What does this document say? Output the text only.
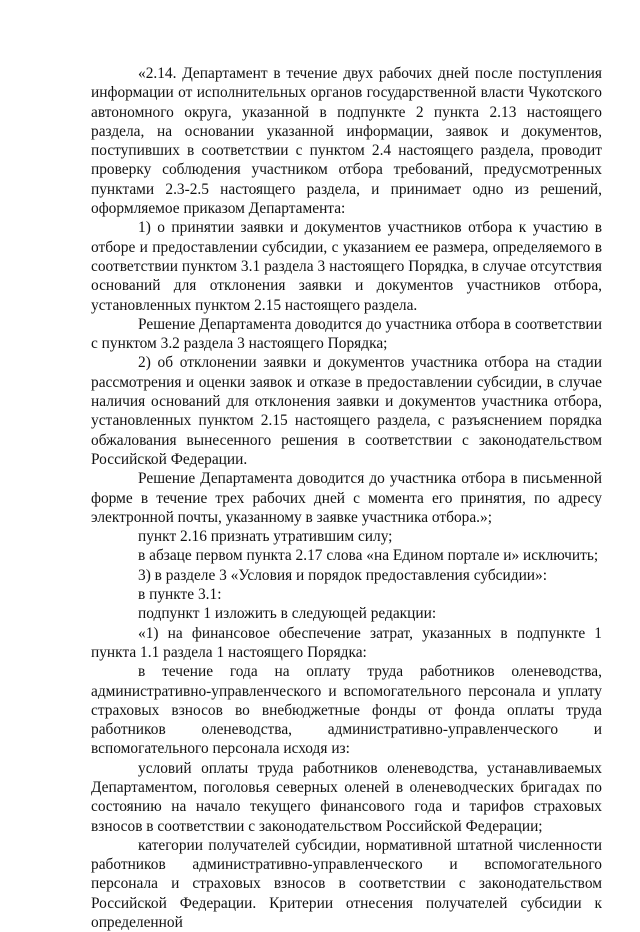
«2.14. Департамент в течение двух рабочих дней после поступления информации от исполнительных органов государственной власти Чукотского автономного округа, указанной в подпункте 2 пункта 2.13 настоящего раздела, на основании указанной информации, заявок и документов, поступивших в соответствии с пунктом 2.4 настоящего раздела, проводит проверку соблюдения участником отбора требований, предусмотренных пунктами 2.3-2.5 настоящего раздела, и принимает одно из решений, оформляемое приказом Департамента:

1) о принятии заявки и документов участников отбора к участию в отборе и предоставлении субсидии, с указанием ее размера, определяемого в соответствии пунктом 3.1 раздела 3 настоящего Порядка, в случае отсутствия оснований для отклонения заявки и документов участников отбора, установленных пунктом 2.15 настоящего раздела.

Решение Департамента доводится до участника отбора в соответствии с пунктом 3.2 раздела 3 настоящего Порядка;

2) об отклонении заявки и документов участника отбора на стадии рассмотрения и оценки заявок и отказе в предоставлении субсидии, в случае наличия оснований для отклонения заявки и документов участника отбора, установленных пунктом 2.15 настоящего раздела, с разъяснением порядка обжалования вынесенного решения в соответствии с законодательством Российской Федерации.

Решение Департамента доводится до участника отбора в письменной форме в течение трех рабочих дней с момента его принятия, по адресу электронной почты, указанному в заявке участника отбора.»;

пункт 2.16 признать утратившим силу;

в абзаце первом пункта 2.17 слова «на Едином портале и» исключить;

3) в разделе 3 «Условия и порядок предоставления субсидии»:

в пункте 3.1:

подпункт 1 изложить в следующей редакции:

«1) на финансовое обеспечение затрат, указанных в подпункте 1 пункта 1.1 раздела 1 настоящего Порядка:

в течение года на оплату труда работников оленеводства, административно-управленческого и вспомогательного персонала и уплату страховых взносов во внебюджетные фонды от фонда оплаты труда работников оленеводства, административно-управленческого и вспомогательного персонала исходя из:

условий оплаты труда работников оленеводства, устанавливаемых Департаментом, поголовья северных оленей в оленеводческих бригадах по состоянию на начало текущего финансового года и тарифов страховых взносов в соответствии с законодательством Российской Федерации;

категории получателей субсидии, нормативной штатной численности работников административно-управленческого и вспомогательного персонала и страховых взносов в соответствии с законодательством Российской Федерации. Критерии отнесения получателей субсидии к определенной
